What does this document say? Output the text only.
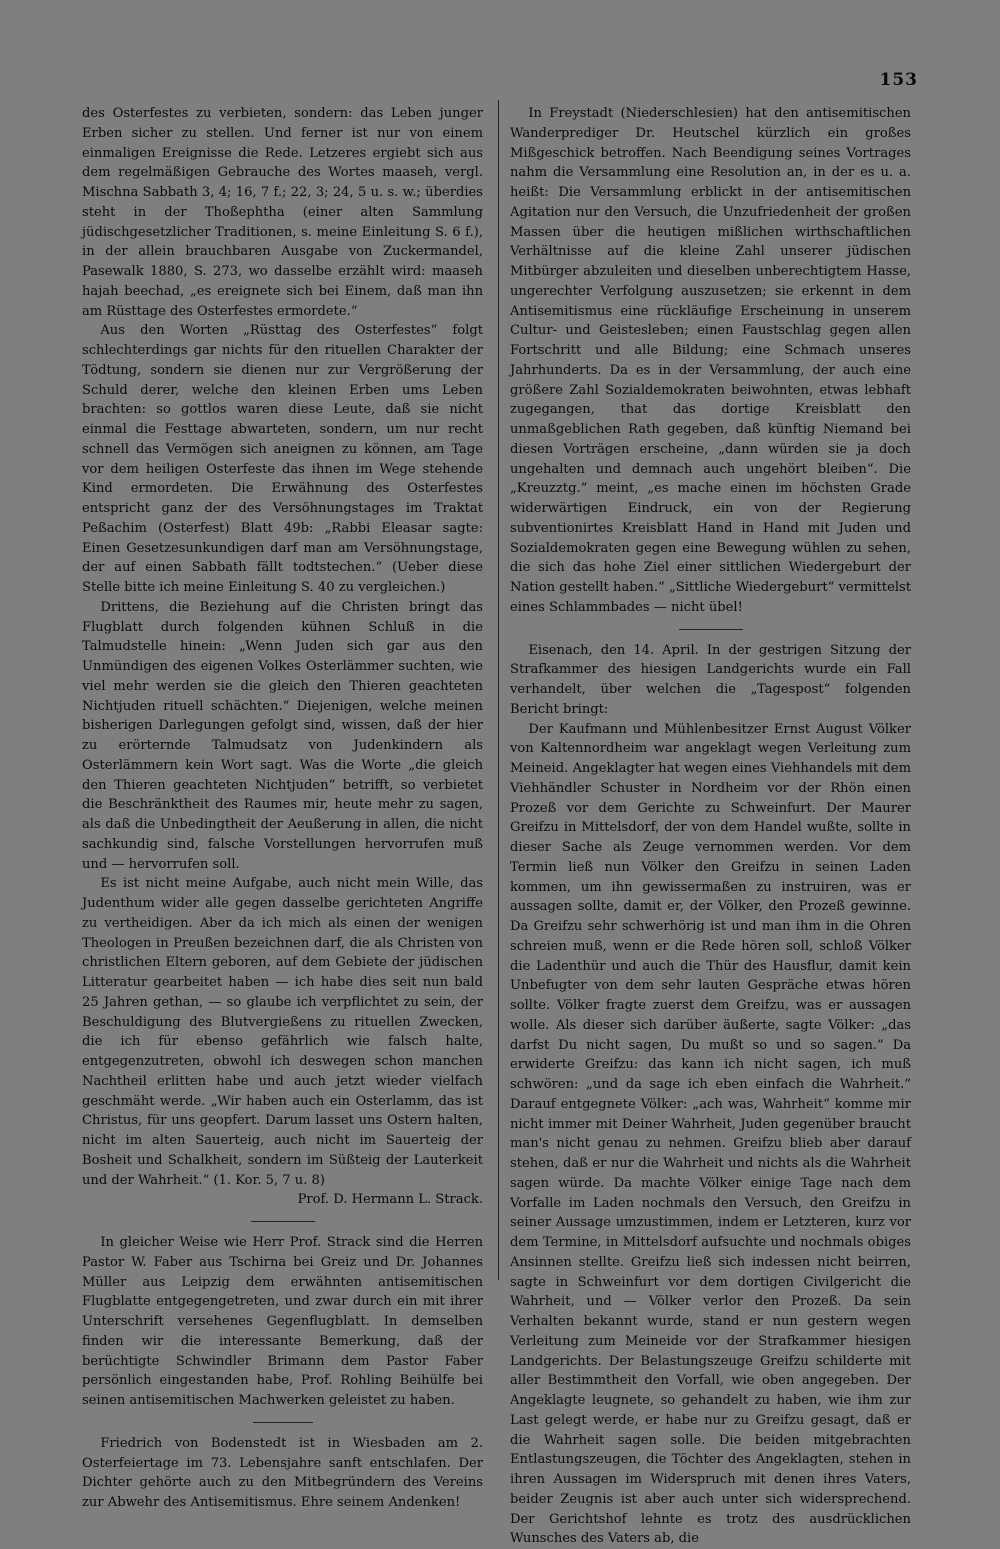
153

des Osterfestes zu verbieten, sondern: das Leben junger Erben sicher zu stellen. Und ferner ist nur von einem einmaligen Ereignisse die Rede. Letzeres ergiebt sich aus dem regelmäßigen Gebrauche des Wortes maaseh, vergl. Mischna Sabbath 3, 4; 16, 7 f.; 22, 3; 24, 5 u. s. w.; überdies steht in der Thoßephtha (einer alten Sammlung jüdischgesetzlicher Traditionen, s. meine Einleitung S. 6 f.), in der allein brauchbaren Ausgabe von Zuckermandel, Pasewalk 1880, S. 273, wo dasselbe erzählt wird: maaseh hajah beechad, „es ereignete sich bei Einem, daß man ihn am Rüsttage des Osterfestes ermordete.“

Aus den Worten „Rüsttag des Osterfestes“ folgt schlechterdings gar nichts für den rituellen Charakter der Tödtung, sondern sie dienen nur zur Vergrößerung der Schuld derer, welche den kleinen Erben ums Leben brachten: so gottlos waren diese Leute, daß sie nicht einmal die Festtage abwarteten, sondern, um nur recht schnell das Vermögen sich aneignen zu können, am Tage vor dem heiligen Osterfeste das ihnen im Wege stehende Kind ermordeten. Die Erwähnung des Osterfestes entspricht ganz der des Versöhnungstages im Traktat Peßachim (Osterfest) Blatt 49b: „Rabbi Eleasar sagte: Einen Gesetzesunkundigen darf man am Versöhnungstage, der auf einen Sabbath fällt todtstechen.“ (Ueber diese Stelle bitte ich meine Einleitung S. 40 zu vergleichen.)

Drittens, die Beziehung auf die Christen bringt das Flugblatt durch folgenden kühnen Schluß in die Talmudstelle hinein: „Wenn Juden sich gar aus den Unmündigen des eigenen Volkes Osterlämmer suchten, wie viel mehr werden sie die gleich den Thieren geachteten Nichtjuden rituell schächten.“ Diejenigen, welche meinen bisherigen Darlegungen gefolgt sind, wissen, daß der hier zu erörternde Talmudsatz von Judenkindern als Osterlämmern kein Wort sagt. Was die Worte „die gleich den Thieren geachteten Nichtjuden“ betrifft, so verbietet die Beschränktheit des Raumes mir, heute mehr zu sagen, als daß die Unbedingtheit der Aeußerung in allen, die nicht sachkundig sind, falsche Vorstellungen hervorrufen muß und — hervorrufen soll.

Es ist nicht meine Aufgabe, auch nicht mein Wille, das Judenthum wider alle gegen dasselbe gerichteten Angriffe zu vertheidigen. Aber da ich mich als einen der wenigen Theologen in Preußen bezeichnen darf, die als Christen von christlichen Eltern geboren, auf dem Gebiete der jüdischen Litteratur gearbeitet haben — ich habe dies seit nun bald 25 Jahren gethan, — so glaube ich verpflichtet zu sein, der Beschuldigung des Blutvergießens zu rituellen Zwecken, die ich für ebenso gefährlich wie falsch halte, entgegenzutreten, obwohl ich deswegen schon manchen Nachtheil erlitten habe und auch jetzt wieder vielfach geschmäht werde. „Wir haben auch ein Osterlamm, das ist Christus, für uns geopfert. Darum lasset uns Ostern halten, nicht im alten Sauerteig, auch nicht im Sauerteig der Bosheit und Schalkheit, sondern im Süßteig der Lauterkeit und der Wahrheit.“ (1. Kor. 5, 7 u. 8)

Prof. D. Hermann L. Strack.

In gleicher Weise wie Herr Prof. Strack sind die Herren Pastor W. Faber aus Tschirna bei Greiz und Dr. Johannes Müller aus Leipzig dem erwähnten antisemitischen Flugblatte entgegengetreten, und zwar durch ein mit ihrer Unterschrift versehenes Gegenflugblatt. In demselben finden wir die interessante Bemerkung, daß der berüchtigte Schwindler Brimann dem Pastor Faber persönlich eingestanden habe, Prof. Rohling Beihülfe bei seinen antisemitischen Machwerken geleistet zu haben.

Friedrich von Bodenstedt ist in Wiesbaden am 2. Osterfeiertage im 73. Lebensjahre sanft entschlafen. Der Dichter gehörte auch zu den Mitbegründern des Vereins zur Abwehr des Antisemitismus. Ehre seinem Andenken!

In Freystadt (Niederschlesien) hat den antisemitischen Wanderprediger Dr. Heutschel kürzlich ein großes Mißgeschick betroffen. Nach Beendigung seines Vortrages nahm die Versammlung eine Resolution an, in der es u. a. heißt: Die Versammlung erblickt in der antisemitischen Agitation nur den Versuch, die Unzufriedenheit der großen Massen über die heutigen mißlichen wirthschaftlichen Verhältnisse auf die kleine Zahl unserer jüdischen Mitbürger abzuleiten und dieselben unberechtigtem Hasse, ungerechter Verfolgung auszusetzen; sie erkennt in dem Antisemitismus eine rückläufige Erscheinung in unserem Cultur- und Geistesleben; einen Faustschlag gegen allen Fortschritt und alle Bildung; eine Schmach unseres Jahrhunderts. Da es in der Versammlung, der auch eine größere Zahl Sozialdemokraten beiwohnten, etwas lebhaft zugegangen, that das dortige Kreisblatt den unmaßgeblichen Rath gegeben, daß künftig Niemand bei diesen Vorträgen erscheine, „dann würden sie ja doch ungehalten und demnach auch ungehört bleiben“. Die „Kreuzztg.“ meint, „es mache einen im höchsten Grade widerwärtigen Eindruck, ein von der Regierung subventionirtes Kreisblatt Hand in Hand mit Juden und Sozialdemokraten gegen eine Bewegung wühlen zu sehen, die sich das hohe Ziel einer sittlichen Wiedergeburt der Nation gestellt haben.“ „Sittliche Wiedergeburt“ vermittelst eines Schlammbades — nicht übel!

Eisenach, den 14. April. In der gestrigen Sitzung der Strafkammer des hiesigen Landgerichts wurde ein Fall verhandelt, über welchen die „Tagespost“ folgenden Bericht bringt:

Der Kaufmann und Mühlenbesitzer Ernst August Völker von Kaltennordheim war angeklagt wegen Verleitung zum Meineid. Angeklagter hat wegen eines Viehhandels mit dem Viehhändler Schuster in Nordheim vor der Rhön einen Prozeß vor dem Gerichte zu Schweinfurt. Der Maurer Greifzu in Mittelsdorf, der von dem Handel wußte, sollte in dieser Sache als Zeuge vernommen werden. Vor dem Termin ließ nun Völker den Greifzu in seinen Laden kommen, um ihn gewissermaßen zu instruiren, was er aussagen sollte, damit er, der Völker, den Prozeß gewinne. Da Greifzu sehr schwerhörig ist und man ihm in die Ohren schreien muß, wenn er die Rede hören soll, schloß Völker die Ladenthür und auch die Thür des Hausflur, damit kein Unbefugter von dem sehr lauten Gespräche etwas hören sollte. Völker fragte zuerst dem Greifzu, was er aussagen wolle. Als dieser sich darüber äußerte, sagte Völker: „das darfst Du nicht sagen, Du mußt so und so sagen.“ Da erwiderte Greifzu: das kann ich nicht sagen, ich muß schwören: „und da sage ich eben einfach die Wahrheit.“ Darauf entgegnete Völker: „ach was, Wahrheit“ komme mir nicht immer mit Deiner Wahrheit, Juden gegenüber braucht man's nicht genau zu nehmen. Greifzu blieb aber darauf stehen, daß er nur die Wahrheit und nichts als die Wahrheit sagen würde. Da machte Völker einige Tage nach dem Vorfalle im Laden nochmals den Versuch, den Greifzu in seiner Aussage umzustimmen, indem er Letzteren, kurz vor dem Termine, in Mittelsdorf aufsuchte und nochmals obiges Ansinnen stellte. Greifzu ließ sich indessen nicht beirren, sagte in Schweinfurt vor dem dortigen Civilgericht die Wahrheit, und — Völker verlor den Prozeß. Da sein Verhalten bekannt wurde, stand er nun gestern wegen Verleitung zum Meineide vor der Strafkammer hiesigen Landgerichts. Der Belastungszeuge Greifzu schilderte mit aller Bestimmtheit den Vorfall, wie oben angegeben. Der Angeklagte leugnete, so gehandelt zu haben, wie ihm zur Last gelegt werde, er habe nur zu Greifzu gesagt, daß er die Wahrheit sagen solle. Die beiden mitgebrachten Entlastungszeugen, die Töchter des Angeklagten, stehen in ihren Aussagen im Widerspruch mit denen ihres Vaters, beider Zeugnis ist aber auch unter sich widersprechend. Der Gerichtshof lehnte es trotz des ausdrücklichen Wunsches des Vaters ab, die
